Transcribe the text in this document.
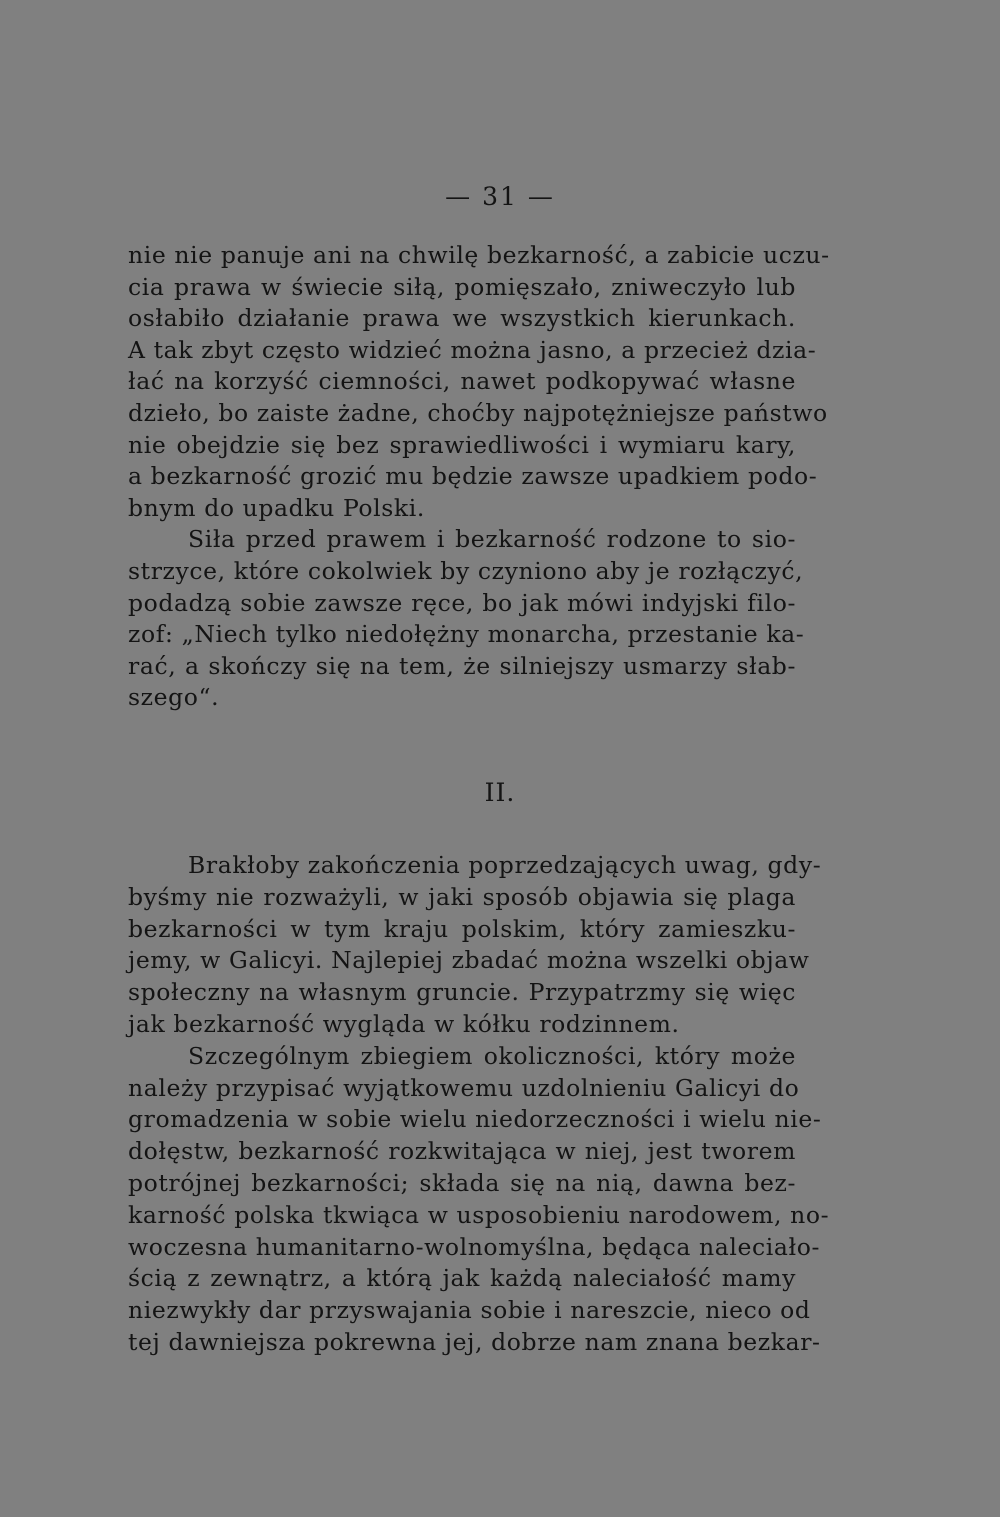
— 31 —
nie nie panuje ani na chwilę bezkarność, a zabicie uczu-
cia prawa w świecie siłą, pomięszało, zniweczyło lub
osłabiło działanie prawa we wszystkich kierunkach.
A tak zbyt często widzieć można jasno, a przecież dzia-
łać na korzyść ciemności, nawet podkopywać własne
dzieło, bo zaiste żadne, choćby najpotężniejsze państwo
nie obejdzie się bez sprawiedliwości i wymiaru kary,
a bezkarność grozić mu będzie zawsze upadkiem podo-
bnym do upadku Polski.
Siła przed prawem i bezkarność rodzone to sio-
strzyce, które cokolwiek by czyniono aby je rozłączyć,
podadzą sobie zawsze ręce, bo jak mówi indyjski filo-
zof: „Niech tylko niedołężny monarcha, przestanie ka-
rać, a skończy się na tem, że silniejszy usmarzy słab-
szego“.
II.
Brakłoby zakończenia poprzedzających uwag, gdy-
byśmy nie rozważyli, w jaki sposób objawia się plaga
bezkarności w tym kraju polskim, który zamieszku-
jemy, w Galicyi. Najlepiej zbadać można wszelki objaw
społeczny na własnym gruncie. Przypatrzmy się więc
jak bezkarność wygląda w kółku rodzinnem.
Szczególnym zbiegiem okoliczności, który może
należy przypisać wyjątkowemu uzdolnieniu Galicyi do
gromadzenia w sobie wielu niedorzeczności i wielu nie-
dołęstw, bezkarność rozkwitająca w niej, jest tworem
potrójnej bezkarności; składa się na nią, dawna bez-
karność polska tkwiąca w usposobieniu narodowem, no-
woczesna humanitarno-wolnomyślna, będąca naleciało-
ścią z zewnątrz, a którą jak każdą naleciałość mamy
niezwykły dar przyswajania sobie i nareszcie, nieco od
tej dawniejsza pokrewna jej, dobrze nam znana bezkar-
